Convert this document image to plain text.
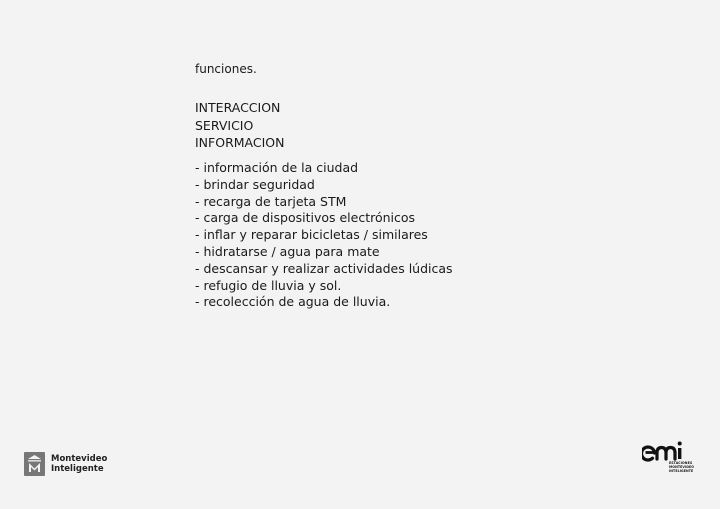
funciones.
INTERACCION
SERVICIO
INFORMACION
- información de la ciudad
- brindar seguridad
- recarga de tarjeta STM
- carga de dispositivos electrónicos
- inflar y reparar bicicletas / similares
- hidratarse / agua para mate
- descansar y realizar actividades lúdicas
- refugio de lluvia y sol.
- recolección de agua de lluvia.
Montevideo
Inteligente
ESTACIONES
MONTEVIDEO
INTELIGENTE
